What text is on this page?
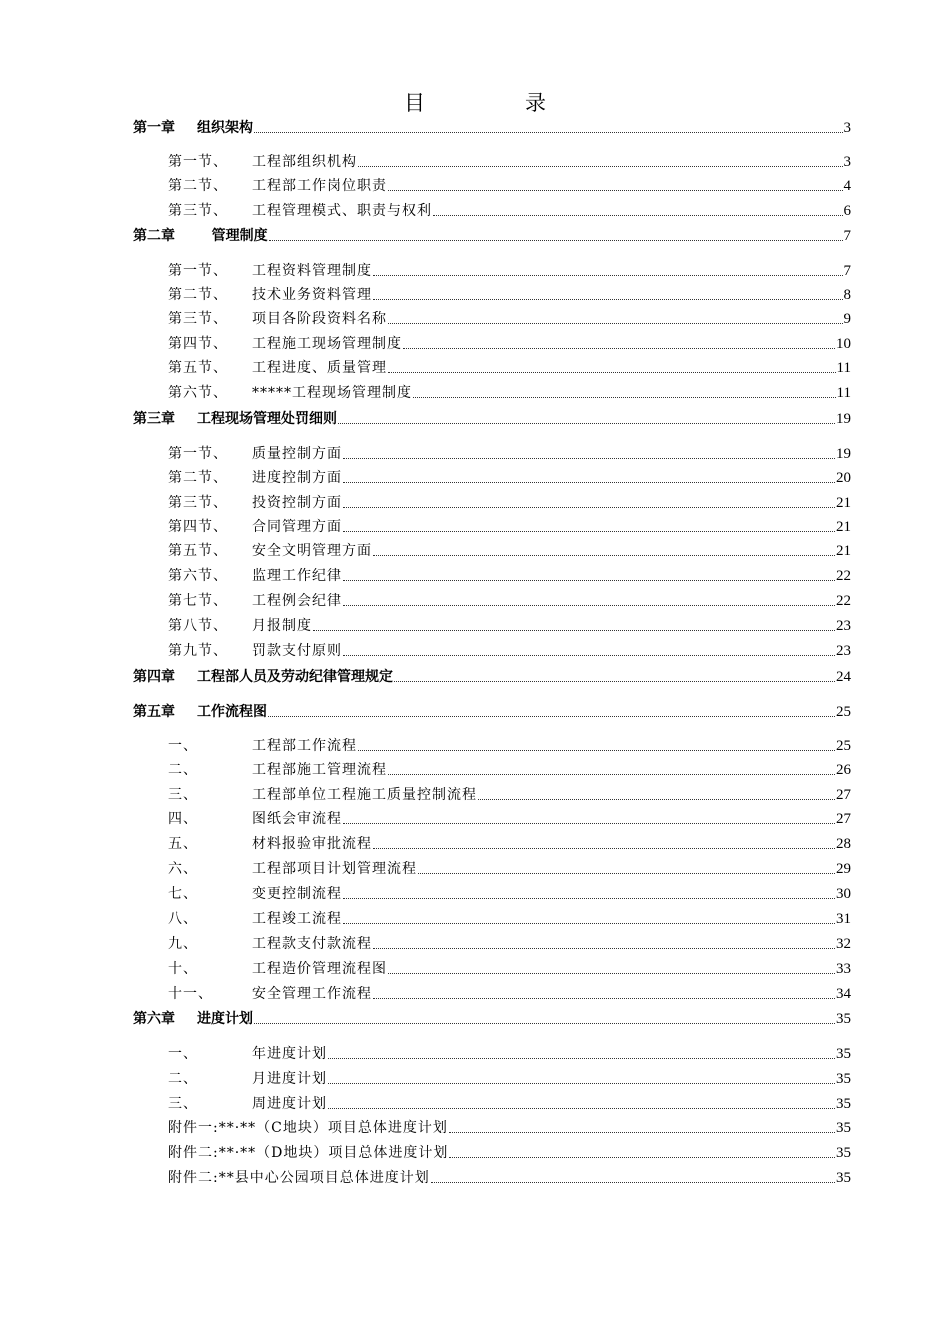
目	录
第一章	组织架构	3
第一节、	工程部组织机构	3
第二节、	工程部工作岗位职责	4
第三节、	工程管理模式、职责与权利	6
第二章	管理制度	7
第一节、	工程资料管理制度	7
第二节、	技术业务资料管理	8
第三节、	项目各阶段资料名称	9
第四节、	工程施工现场管理制度	10
第五节、	工程进度、质量管理	11
第六节、	*****工程现场管理制度	11
第三章	工程现场管理处罚细则	19
第一节、	质量控制方面	19
第二节、	进度控制方面	20
第三节、	投资控制方面	21
第四节、	合同管理方面	21
第五节、	安全文明管理方面	21
第六节、	监理工作纪律	22
第七节、	工程例会纪律	22
第八节、	月报制度	23
第九节、	罚款支付原则	23
第四章	工程部人员及劳动纪律管理规定	24
第五章	工作流程图	25
一、	工程部工作流程	25
二、	工程部施工管理流程	26
三、	工程部单位工程施工质量控制流程	27
四、	图纸会审流程	27
五、	材料报验审批流程	28
六、	工程部项目计划管理流程	29
七、	变更控制流程	30
八、	工程竣工流程	31
九、	工程款支付款流程	32
十、	工程造价管理流程图	33
十一、	安全管理工作流程	34
第六章	进度计划	35
一、	年进度计划	35
二、	月进度计划	35
三、	周进度计划	35
附件一: **·**（C地块）项目总体进度计划	35
附件二: **·**（D地块）项目总体进度计划	35
附件二: **县中心公园项目总体进度计划	35
